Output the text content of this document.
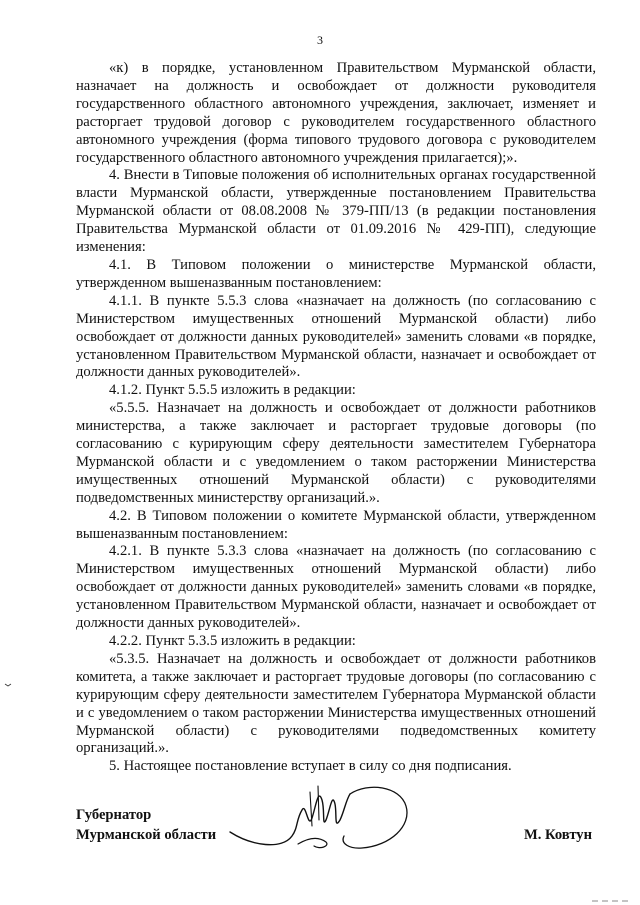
3

«к) в порядке, установленном Правительством Мурманской области, назначает на должность и освобождает от должности руководителя государственного областного автономного учреждения, заключает, изменяет и расторгает трудовой договор с руководителем государственного областного автономного учреждения (форма типового трудового договора с руководителем государственного областного автономного учреждения прилагается);».

4. Внести в Типовые положения об исполнительных органах государственной власти Мурманской области, утвержденные постановлением Правительства Мурманской области от 08.08.2008 № 379-ПП/13 (в редакции постановления Правительства Мурманской области от 01.09.2016 № 429-ПП), следующие изменения:

4.1. В Типовом положении о министерстве Мурманской области, утвержденном вышеназванным постановлением:

4.1.1. В пункте 5.5.3 слова «назначает на должность (по согласованию с Министерством имущественных отношений Мурманской области) либо освобождает от должности данных руководителей» заменить словами «в порядке, установленном Правительством Мурманской области, назначает и освобождает от должности данных руководителей».

4.1.2. Пункт 5.5.5 изложить в редакции:

«5.5.5. Назначает на должность и освобождает от должности работников министерства, а также заключает и расторгает трудовые договоры (по согласованию с курирующим сферу деятельности заместителем Губернатора Мурманской области и с уведомлением о таком расторжении Министерства имущественных отношений Мурманской области) с руководителями подведомственных министерству организаций.».

4.2. В Типовом положении о комитете Мурманской области, утвержденном вышеназванным постановлением:

4.2.1. В пункте 5.3.3 слова «назначает на должность (по согласованию с Министерством имущественных отношений Мурманской области) либо освобождает от должности данных руководителей» заменить словами «в порядке, установленном Правительством Мурманской области, назначает и освобождает от должности данных руководителей».

4.2.2. Пункт 5.3.5 изложить в редакции:

«5.3.5. Назначает на должность и освобождает от должности работников комитета, а также заключает и расторгает трудовые договоры (по согласованию с курирующим сферу деятельности заместителем Губернатора Мурманской области и с уведомлением о таком расторжении Министерства имущественных отношений Мурманской области) с руководителями подведомственных комитету организаций.».

5. Настоящее постановление вступает в силу со дня подписания.

Губернатор
Мурманской области	М. Ковтун
